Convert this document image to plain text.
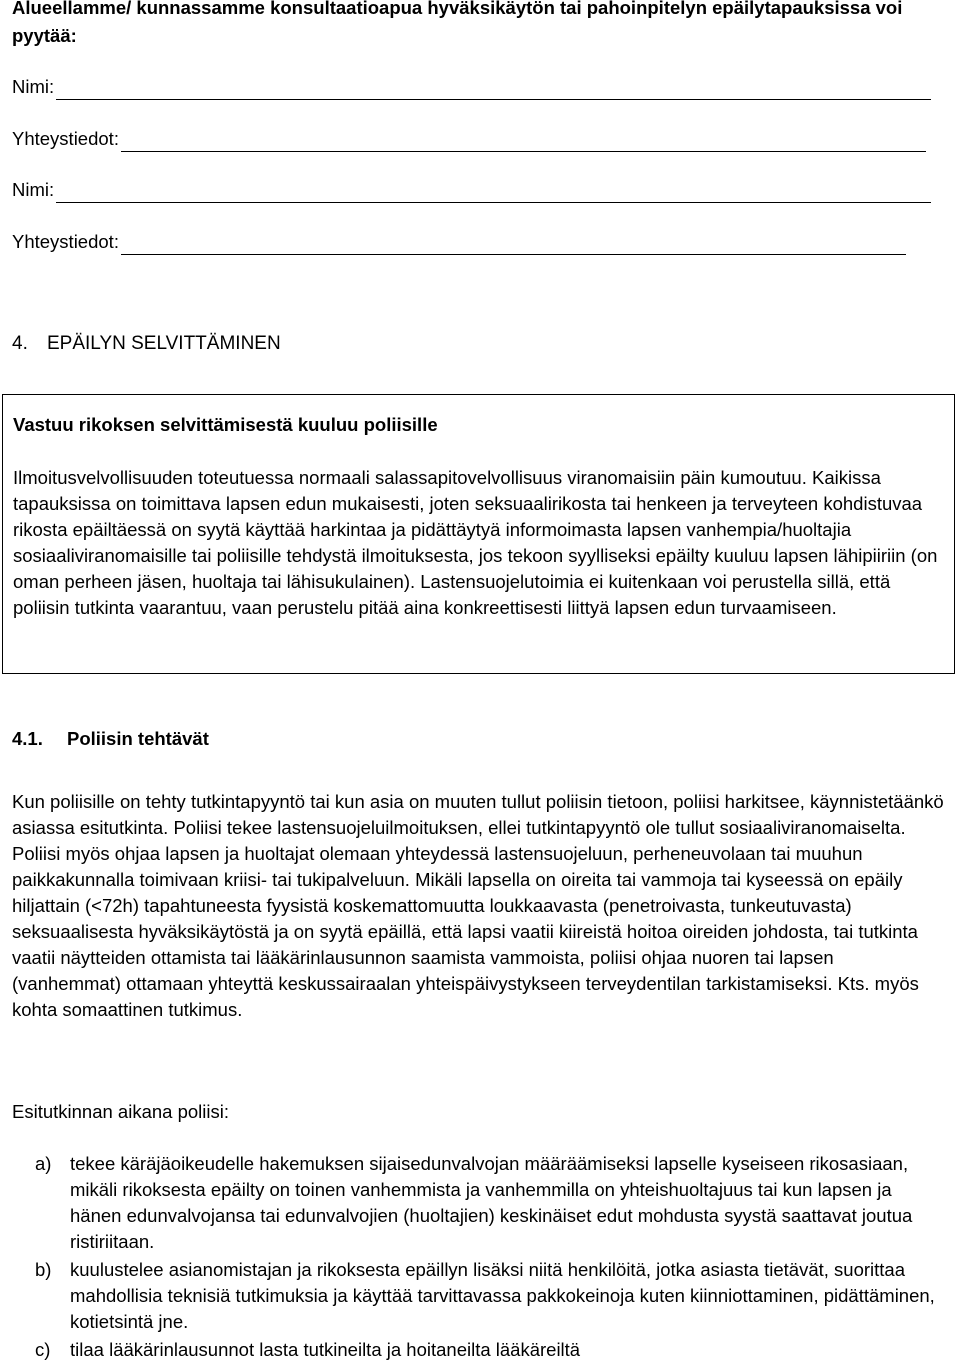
Alueellamme/ kunnassamme konsultaatioapua hyväksikäytön tai pahoinpitelyn epäilytapauksissa voi pyytää:

Nimi:
Yhteystiedot:
Nimi:
Yhteystiedot:
4.	EPÄILYN SELVITTÄMINEN

Vastuu rikoksen selvittämisestä kuuluu poliisille

Ilmoitusvelvollisuuden toteutuessa normaali salassapitovelvollisuus viranomaisiin päin kumoutuu. Kaikissa tapauksissa on toimittava lapsen edun mukaisesti, joten seksuaalirikosta tai henkeen ja terveyteen kohdistuvaa rikosta epäiltäessä on syytä käyttää harkintaa ja pidättäytyä informoimasta lapsen vanhempia/huoltajia sosiaaliviranomaisille tai poliisille tehdystä ilmoituksesta, jos tekoon syylliseksi epäilty kuuluu lapsen lähipiiriin (on oman perheen jäsen, huoltaja tai lähisukulainen). Lastensuojelutoimia ei kuitenkaan voi perustella sillä, että poliisin tutkinta vaarantuu, vaan perustelu pitää aina konkreettisesti liittyä lapsen edun turvaamiseen.

4.1.	Poliisin tehtävät

Kun poliisille on tehty tutkintapyyntö tai kun asia on muuten tullut poliisin tietoon, poliisi harkitsee, käynnistetäänkö asiassa esitutkinta. Poliisi tekee lastensuojeluilmoituksen, ellei tutkintapyyntö ole tullut sosiaaliviranomaiselta. Poliisi myös ohjaa lapsen ja huoltajat olemaan yhteydessä lastensuojeluun, perheneuvolaan tai muuhun paikkakunnalla toimivaan kriisi- tai tukipalveluun. Mikäli lapsella on oireita tai vammoja tai kyseessä on epäily hiljattain (<72h) tapahtuneesta fyysistä koskemattomuutta loukkaavasta (penetroivasta, tunkeutuvasta) seksuaalisesta hyväksikäytöstä ja on syytä epäillä, että lapsi vaatii kiireistä hoitoa oireiden johdosta, tai tutkinta vaatii näytteiden ottamista tai lääkärinlausunnon saamista vammoista, poliisi ohjaa nuoren tai lapsen (vanhemmat) ottamaan yhteyttä keskussairaalan yhteispäivystykseen terveydentilan tarkistamiseksi. Kts. myös kohta somaattinen tutkimus.

Esitutkinnan aikana poliisi:

a)	tekee käräjäoikeudelle hakemuksen sijaisedunvalvojan määräämiseksi lapselle kyseiseen rikosasiaan, mikäli rikoksesta epäilty on toinen vanhemmista ja vanhemmilla on yhteishuoltajuus tai kun lapsen ja hänen edunvalvojansa tai edunvalvojien (huoltajien) keskinäiset edut mohdusta syystä saattavat joutua ristiriitaan.
b)	kuulustelee asianomistajan ja rikoksesta epäillyn lisäksi niitä henkilöitä, jotka asiasta tietävät, suorittaa mahdollisia teknisiä tutkimuksia ja käyttää tarvittavassa pakkokeinoja kuten kiinniottaminen, pidättäminen, kotietsintä jne.
c)	tilaa lääkärinlausunnot lasta tutkineilta ja hoitaneilta lääkäreiltä
